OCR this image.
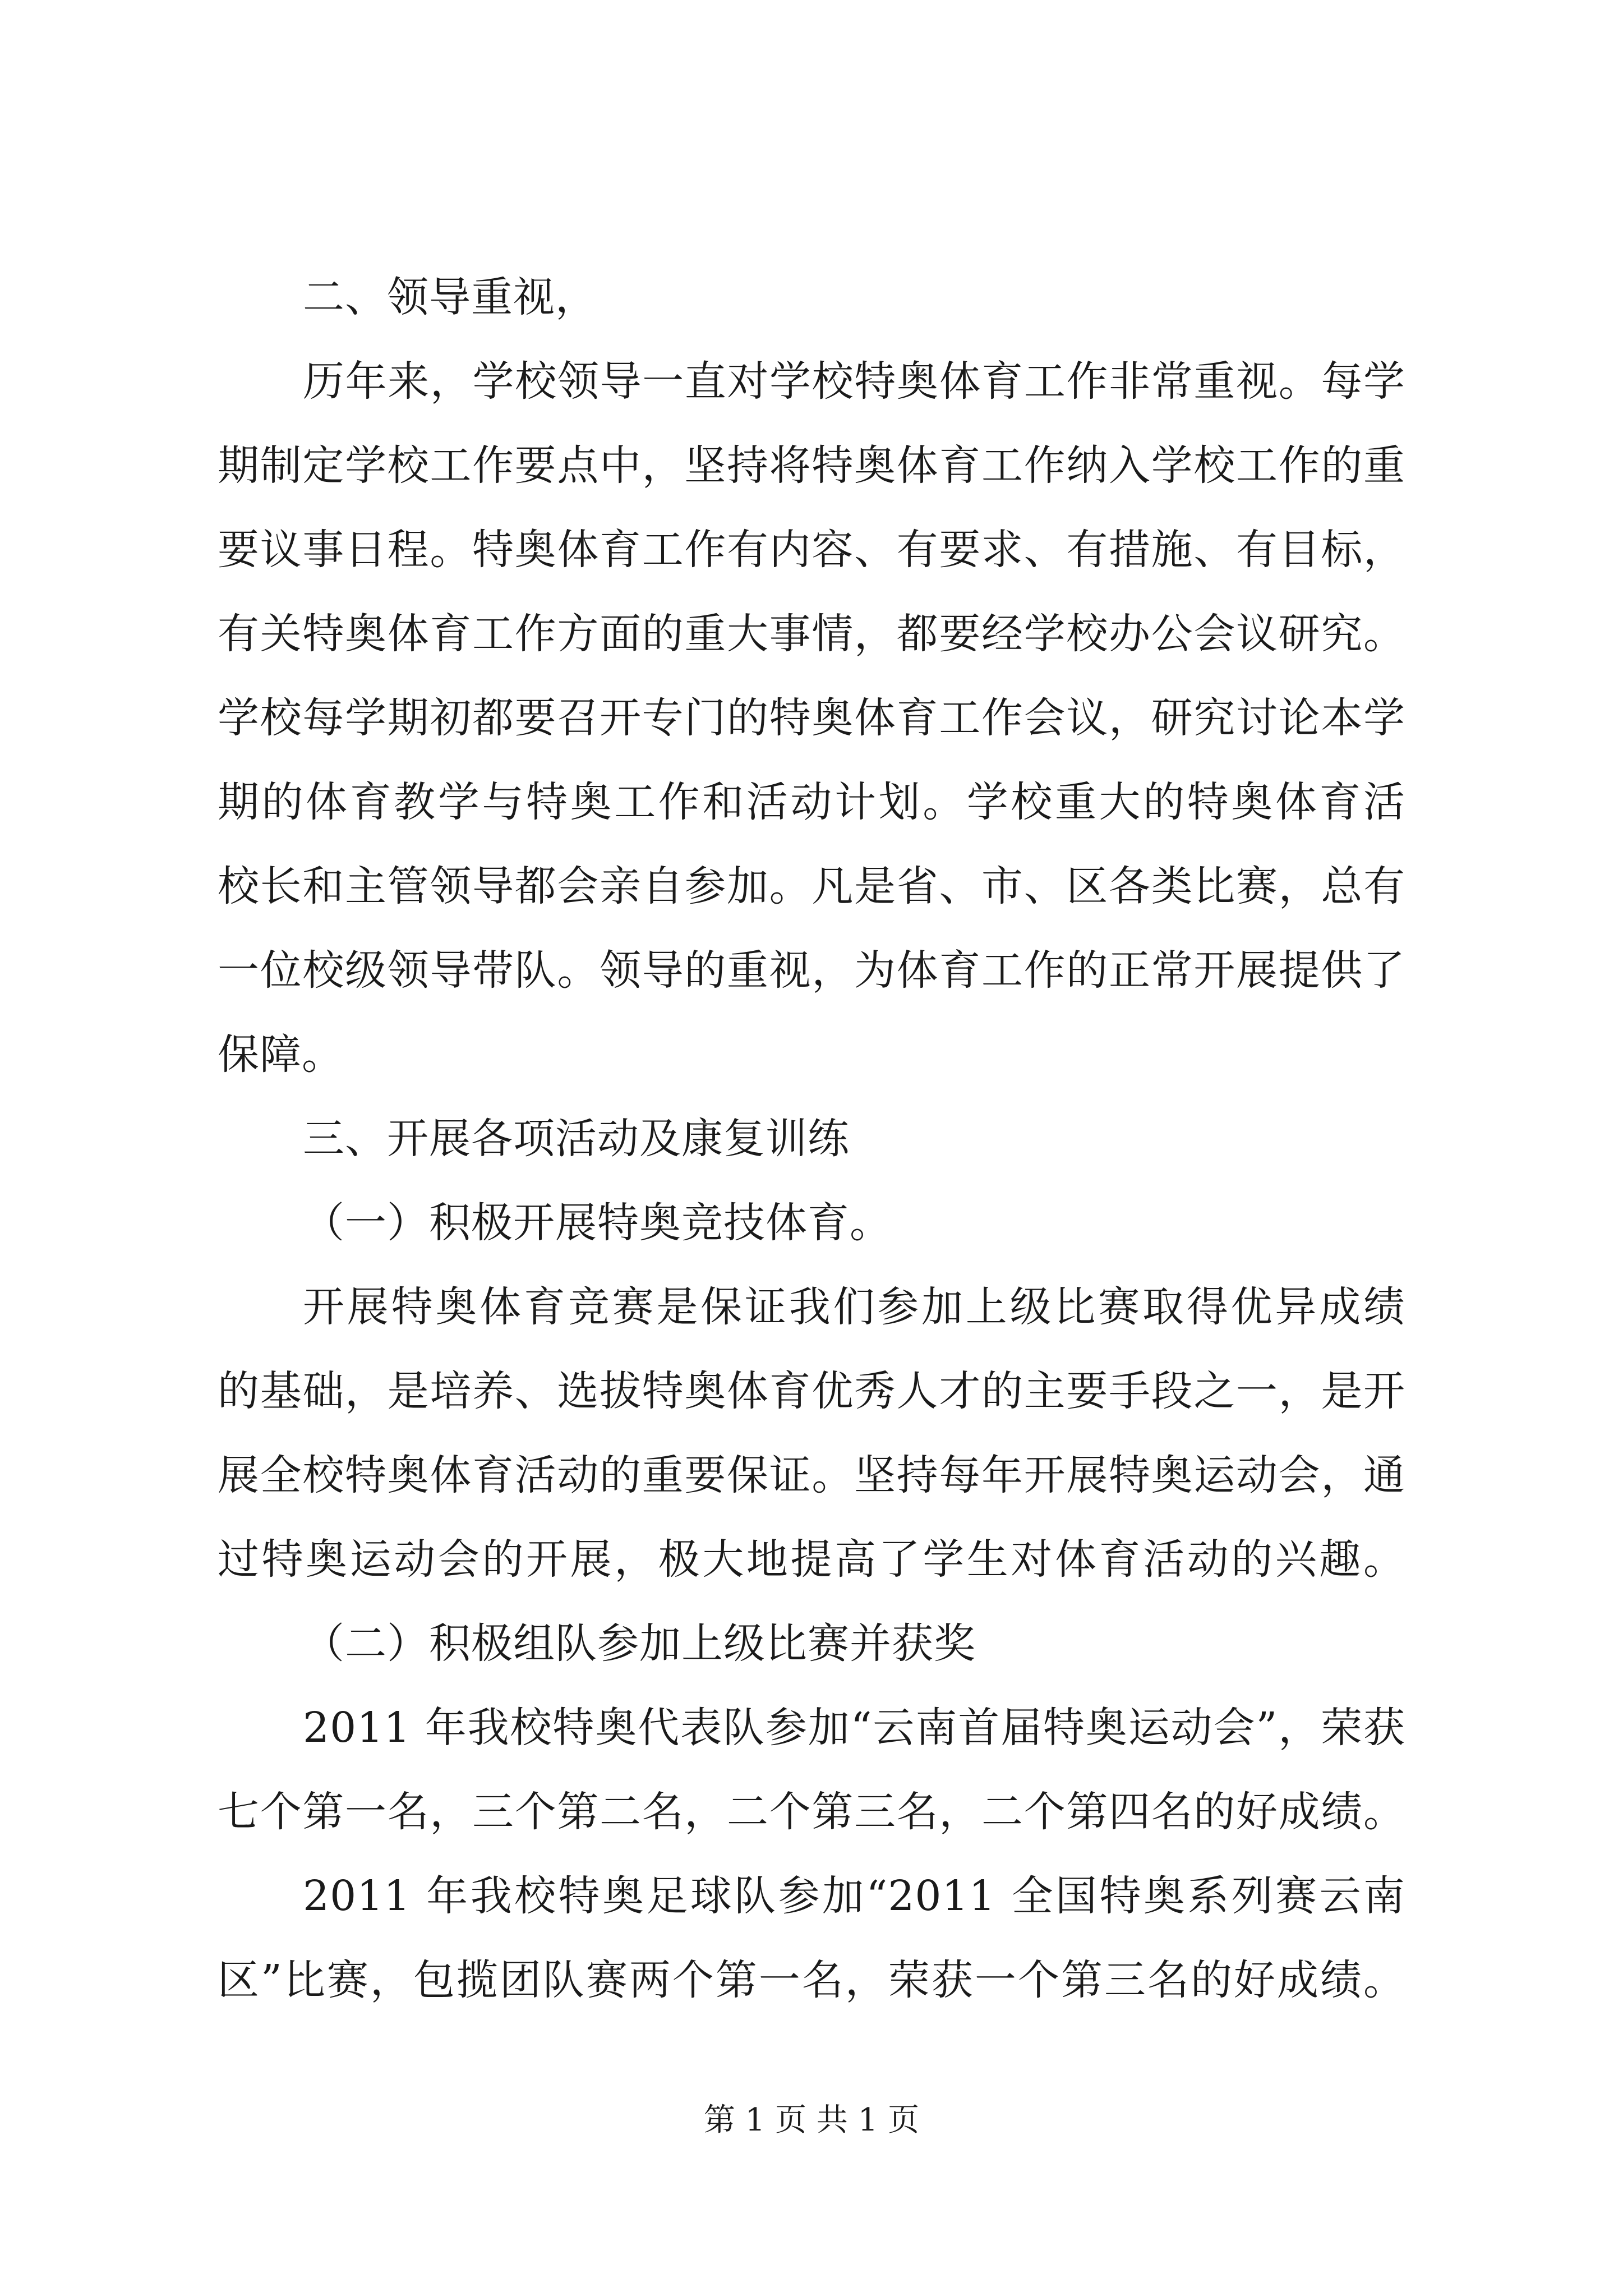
二、领导重视，
历年来，学校领导一直对学校特奥体育工作非常重视。每学
期制定学校工作要点中，坚持将特奥体育工作纳入学校工作的重
要议事日程。特奥体育工作有内容、有要求、有措施、有目标，
有关特奥体育工作方面的重大事情，都要经学校办公会议研究。
学校每学期初都要召开专门的特奥体育工作会议，研究讨论本学
期的体育教学与特奥工作和活动计划。学校重大的特奥体育活
校长和主管领导都会亲自参加。凡是省、市、区各类比赛，总有
一位校级领导带队。领导的重视，为体育工作的正常开展提供了
保障。
三、开展各项活动及康复训练
（一）积极开展特奥竞技体育。
开展特奥体育竞赛是保证我们参加上级比赛取得优异成绩
的基础，是培养、选拔特奥体育优秀人才的主要手段之一，是开
展全校特奥体育活动的重要保证。坚持每年开展特奥运动会，通
过特奥运动会的开展，极大地提高了学生对体育活动的兴趣。
（二）积极组队参加上级比赛并获奖
2011 年我校特奥代表队参加“云南首届特奥运动会”，荣获
七个第一名，三个第二名，二个第三名，二个第四名的好成绩。
2011 年我校特奥足球队参加“2011 全国特奥系列赛云南
区”比赛，包揽团队赛两个第一名，荣获一个第三名的好成绩。
第 1 页 共 1 页
